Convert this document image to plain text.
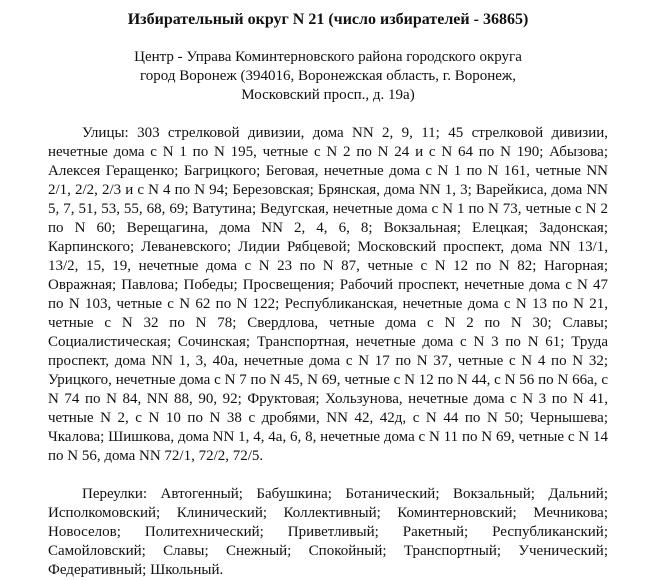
Избирательный округ N 21 (число избирателей - 36865)
Центр - Управа Коминтерновского района городского округа
город Воронеж (394016, Воронежская область, г. Воронеж,
Московский просп., д. 19а)

Улицы: 303 стрелковой дивизии, дома NN 2, 9, 11; 45 стрелковой дивизии, нечетные дома с N 1 по N 195, четные с N 2 по N 24 и с N 64 по N 190; Абызова; Алексея Геращенко; Багрицкого; Беговая, нечетные дома с N 1 по N 161, четные NN 2/1, 2/2, 2/3 и с N 4 по N 94; Березовская; Брянская, дома NN 1, 3; Варейкиса, дома NN 5, 7, 51, 53, 55, 68, 69; Ватутина; Ведугская, нечетные дома с N 1 по N 73, четные с N 2 по N 60; Верещагина, дома NN 2, 4, 6, 8; Вокзальная; Елецкая; Задонская; Карпинского; Леваневского; Лидии Рябцевой; Московский проспект, дома NN 13/1, 13/2, 15, 19, нечетные дома с N 23 по N 87, четные с N 12 по N 82; Нагорная; Овражная; Павлова; Победы; Просвещения; Рабочий проспект, нечетные дома с N 47 по N 103, четные с N 62 по N 122; Республиканская, нечетные дома с N 13 по N 21, четные с N 32 по N 78; Свердлова, четные дома с N 2 по N 30; Славы; Социалистическая; Сочинская; Транспортная, нечетные дома с N 3 по N 61; Труда проспект, дома NN 1, 3, 40а, нечетные дома с N 17 по N 37, четные с N 4 по N 32; Урицкого, нечетные дома с N 7 по N 45, N 69, четные с N 12 по N 44, с N 56 по N 66а, с N 74 по N 84, NN 88, 90, 92; Фруктовая; Хользунова, нечетные дома с N 3 по N 41, четные N 2, с N 10 по N 38 с дробями, NN 42, 42д, с N 44 по N 50; Чернышева; Чкалова; Шишкова, дома NN 1, 4, 4а, 6, 8, нечетные дома с N 11 по N 69, четные с N 14 по N 56, дома NN 72/1, 72/2, 72/5.

Переулки: Автогенный; Бабушкина; Ботанический; Вокзальный; Дальний; Исполкомовский; Клинический; Коллективный; Коминтерновский; Мечникова; Новоселов; Политехнический; Приветливый; Ракетный; Республиканский; Самойловский; Славы; Снежный; Спокойный; Транспортный; Ученический; Федеративный; Школьный.
